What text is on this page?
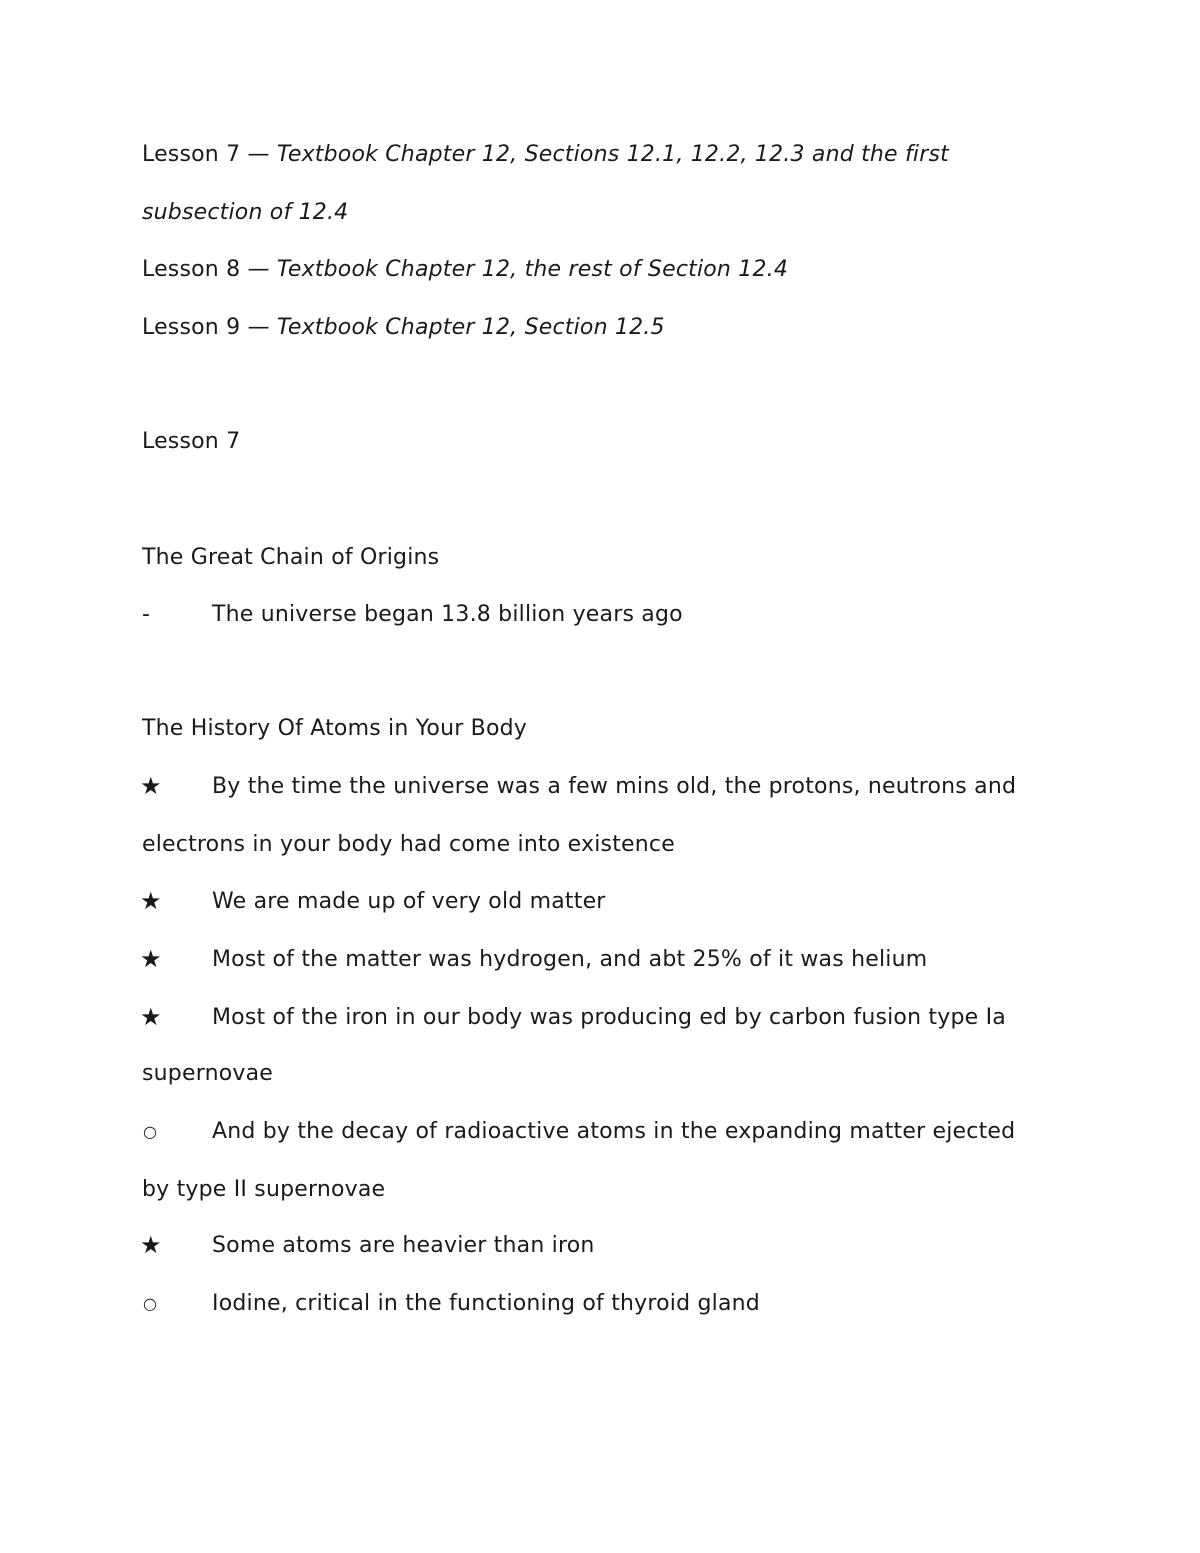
Lesson 7 — Textbook Chapter 12, Sections 12.1, 12.2, 12.3 and the first
subsection of 12.4
Lesson 8 — Textbook Chapter 12, the rest of Section 12.4
Lesson 9 — Textbook Chapter 12, Section 12.5
Lesson 7
The Great Chain of Origins
-	The universe began 13.8 billion years ago
The History Of Atoms in Your Body
★ By the time the universe was a few mins old, the protons, neutrons and
electrons in your body had come into existence
★ We are made up of very old matter
★ Most of the matter was hydrogen, and abt 25% of it was helium
★ Most of the iron in our body was producing ed by carbon fusion type Ia
supernovae
○	And by the decay of radioactive atoms in the expanding matter ejected
by type II supernovae
★ Some atoms are heavier than iron
○	Iodine, critical in the functioning of thyroid gland
